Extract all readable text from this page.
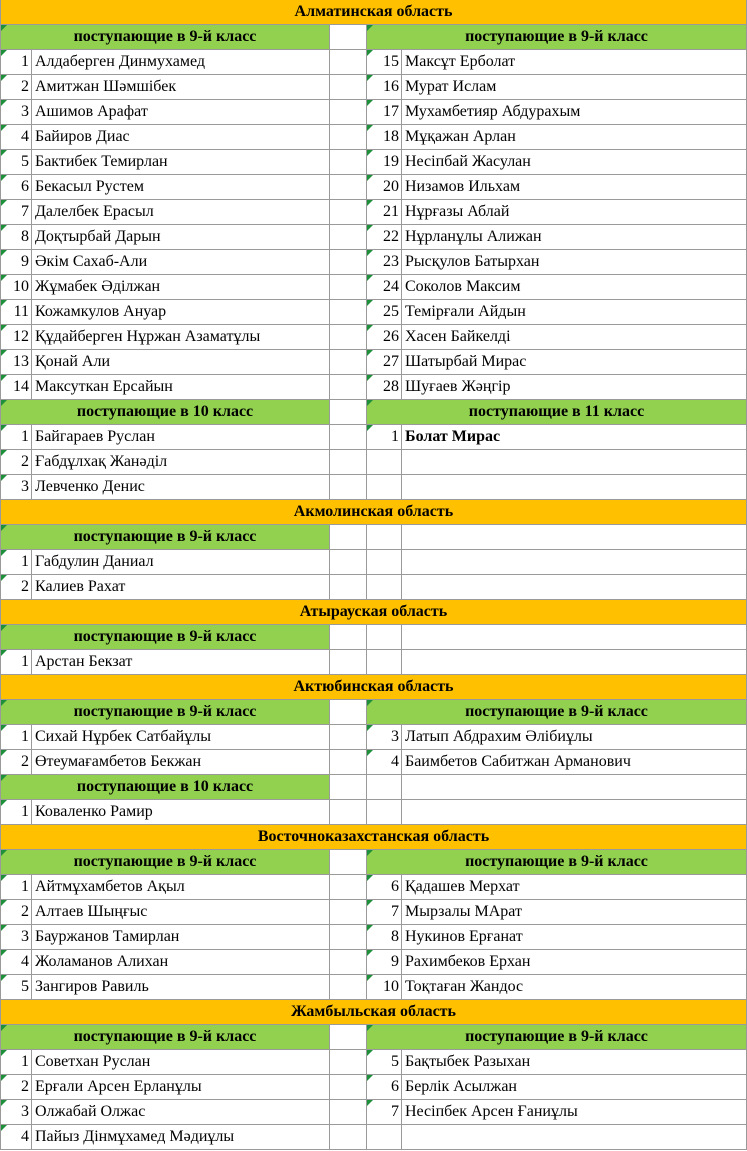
Алматинская область
поступающие в 9-й класс	поступающие в 9-й класс
1 Алдаберген Динмухамед	15 Максұт Ерболат
2 Амитжан Шәмшібек	16 Мурат Ислам
3 Ашимов Арафат	17 Мухамбетияр Абдурахым
4 Байиров Диас	18 Мұқажан Арлан
5 Бактибек Темирлан	19 Несіпбай Жасулан
6 Бекасыл Рустем	20 Низамов Ильхам
7 Далелбек Ерасыл	21 Нұрғазы Аблай
8 Доқтырбай Дарын	22 Нұрланұлы Алижан
9 Әкім Сахаб-Али	23 Рысқулов Батырхан
10 Жұмабек Әділжан	24 Соколов Максим
11 Кожамкулов Ануар	25 Темірғали Айдын
12 Құдайберген Нұржан Азаматұлы	26 Хасен Байкелді
13 Қонай Али	27 Шатырбай Мирас
14 Максуткан Ерсайын	28 Шуғаев Жәңгір
поступающие в 10 класс	поступающие в 11 класс
1 Байгараев Руслан	1 Болат Мирас
2 Ғабдұлхақ Жанәділ
3 Левченко Денис
Акмолинская область
поступающие в 9-й класс
1 Габдулин Даниал
2 Калиев Рахат
Атырауская область
поступающие в 9-й класс
1 Арстан Бекзат
Актюбинская область
поступающие в 9-й класс	поступающие в 9-й класс
1 Сихай Нұрбек Сатбайұлы	3 Латып Абдрахим Әлібиұлы
2 Өтеумағамбетов Бекжан	4 Баимбетов Сабитжан Арманович
поступающие в 10 класс
1 Коваленко Рамир
Восточноказахстанская область
поступающие в 9-й класс	поступающие в 9-й класс
1 Айтмұхамбетов Ақыл	6 Қадашев Мерхат
2 Алтаев Шыңғыс	7 Мырзалы МАрат
3 Бауржанов Тамирлан	8 Нукинов Ерғанат
4 Жоламанов Алихан	9 Рахимбеков Ерхан
5 Зангиров Равиль	10 Тоқтаған Жандос
Жамбыльская область
поступающие в 9-й класс	поступающие в 9-й класс
1 Советхан Руслан	5 Бақтыбек Разыхан
2 Ерғали Арсен Ерланұлы	6 Берлік Асылжан
3 Олжабай Олжас	7 Несіпбек Арсен Ғаниұлы
4 Пайыз Дінмұхамед Мәдиұлы
